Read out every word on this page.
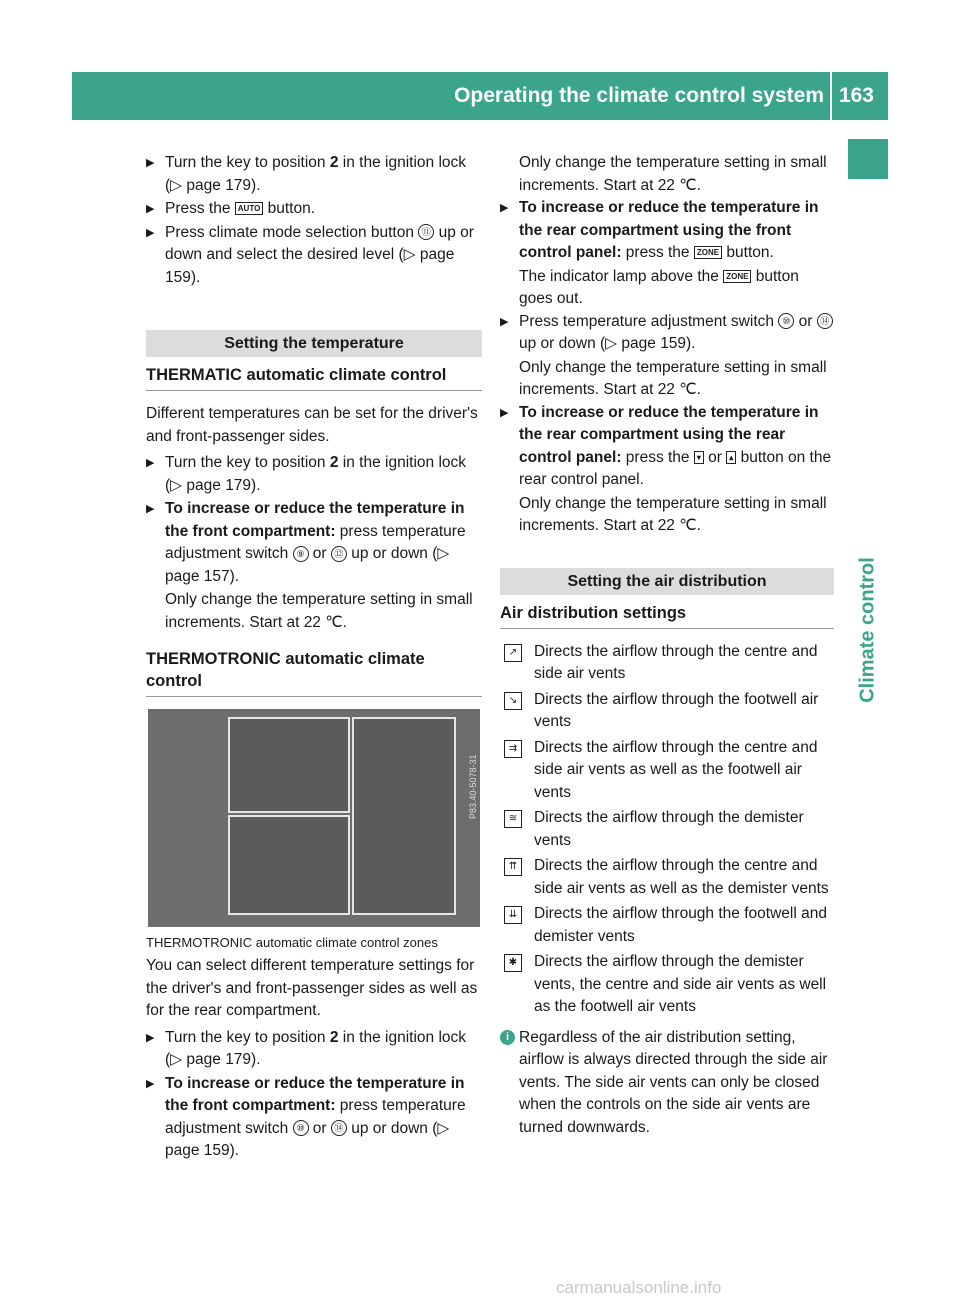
Operating the climate control system 163
Climate control
▶ Turn the key to position 2 in the ignition lock (▷ page 179).
▶ Press the AUTO button.
▶ Press climate mode selection button ⑪ up or down and select the desired level (▷ page 159).
Setting the temperature
THERMATIC automatic climate control

Different temperatures can be set for the driver's and front-passenger sides.

▶ Turn the key to position 2 in the ignition lock (▷ page 179).
▶ To increase or reduce the temperature in the front compartment: press temperature adjustment switch ⑨ or ⑫ up or down (▷ page 157).
Only change the temperature setting in small increments. Start at 22 ℃.
THERMOTRONIC automatic climate control
P83.40-5078-31
THERMOTRONIC automatic climate control zones

You can select different temperature settings for the driver's and front-passenger sides as well as for the rear compartment.

▶ Turn the key to position 2 in the ignition lock (▷ page 179).
▶ To increase or reduce the temperature in the front compartment: press temperature adjustment switch ⑩ or ⑭ up or down (▷ page 159).
Only change the temperature setting in small increments. Start at 22 ℃.
▶ To increase or reduce the temperature in the rear compartment using the front control panel: press the ZONE button.
The indicator lamp above the ZONE button goes out.
▶ Press temperature adjustment switch ⑩ or ⑭ up or down (▷ page 159).
Only change the temperature setting in small increments. Start at 22 ℃.
▶ To increase or reduce the temperature in the rear compartment using the rear control panel: press the ▾ or ▴ button on the rear control panel.
Only change the temperature setting in small increments. Start at 22 ℃.
Setting the air distribution
Air distribution settings
↗	Directs the airflow through the centre and side air vents
↘	Directs the airflow through the footwell air vents
⇉	Directs the airflow through the centre and side air vents as well as the footwell air vents
≋	Directs the airflow through the demister vents
⇈	Directs the airflow through the centre and side air vents as well as the demister vents
⇊	Directs the airflow through the footwell and demister vents
✱	Directs the airflow through the demister vents, the centre and side air vents as well as the footwell air vents
i Regardless of the air distribution setting, airflow is always directed through the side air vents. The side air vents can only be closed when the controls on the side air vents are turned downwards.
carmanualsonline.info
